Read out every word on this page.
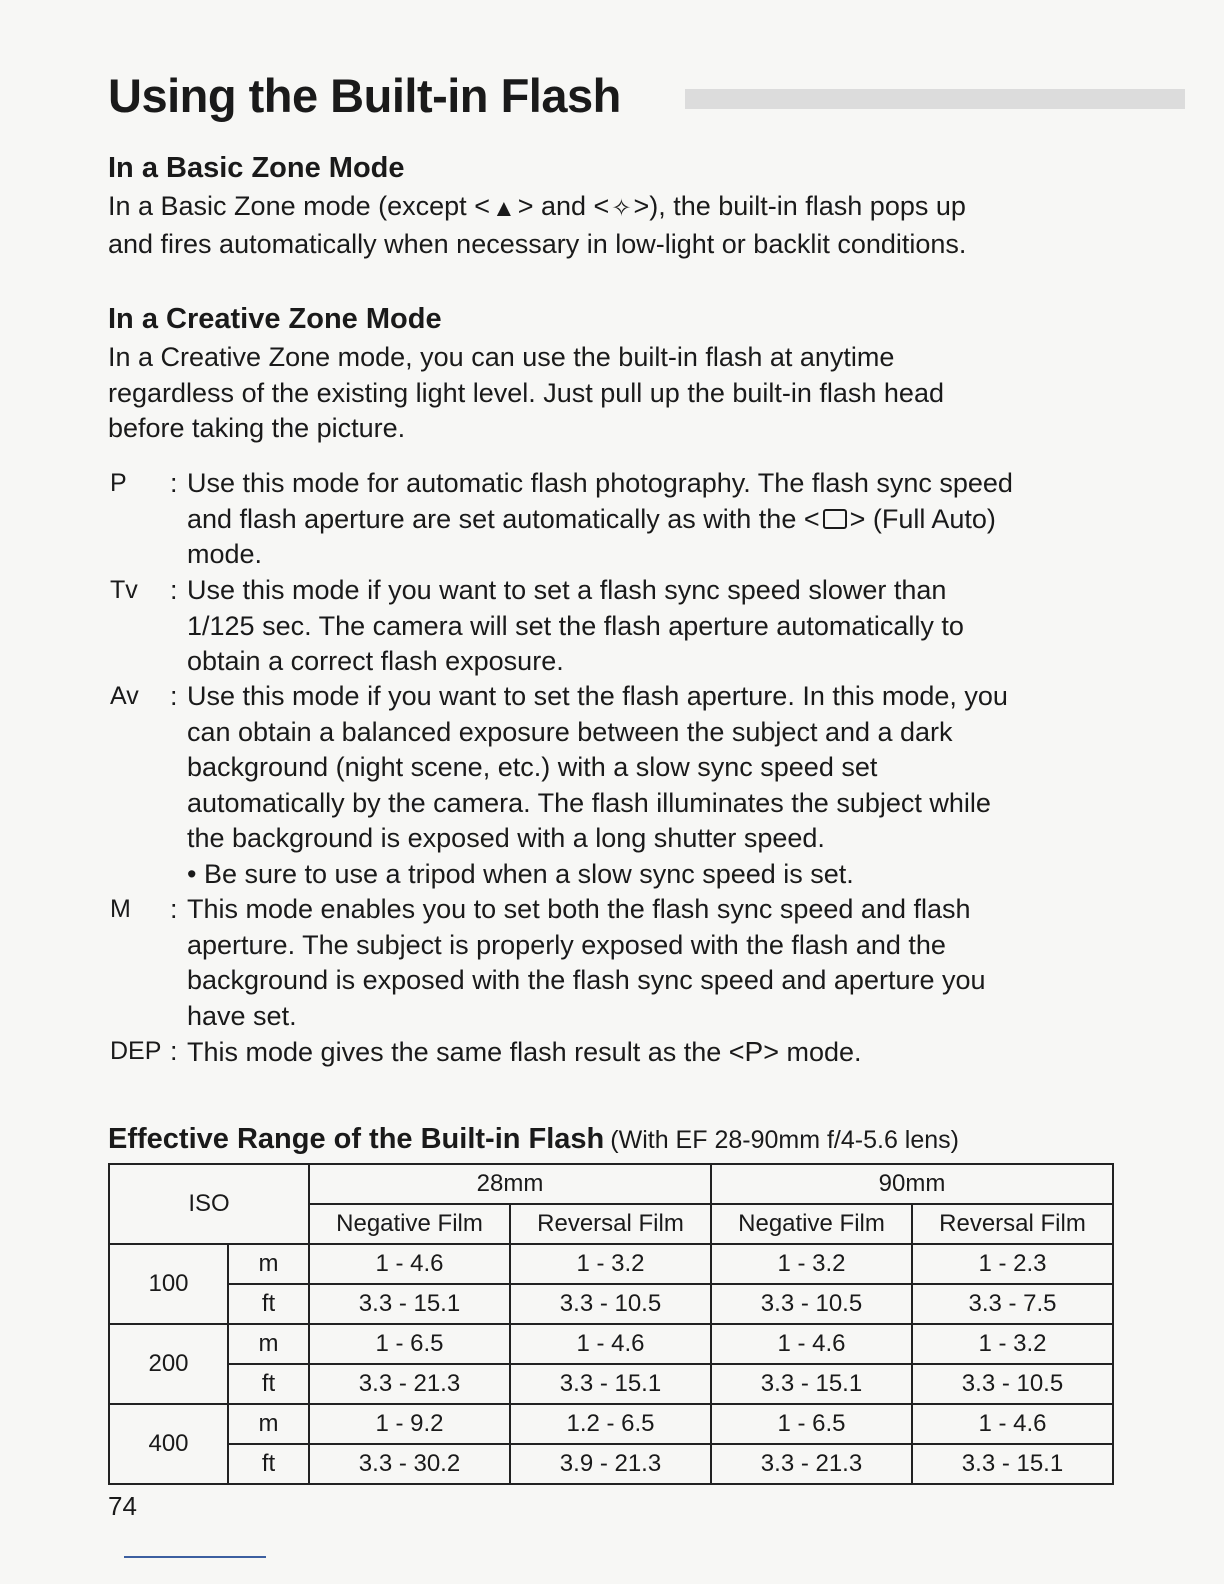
Using the Built-in Flash
In a Basic Zone Mode
In a Basic Zone mode (except <▲> and <✧>), the built-in flash pops up
and fires automatically when necessary in low-light or backlit conditions.
In a Creative Zone Mode
In a Creative Zone mode, you can use the built-in flash at anytime
regardless of the existing light level. Just pull up the built-in flash head
before taking the picture.
P : Use this mode for automatic flash photography. The flash sync speed
and flash aperture are set automatically as with the < > (Full Auto)
mode.
Tv : Use this mode if you want to set a flash sync speed slower than
1/125 sec. The camera will set the flash aperture automatically to
obtain a correct flash exposure.
Av : Use this mode if you want to set the flash aperture. In this mode, you
can obtain a balanced exposure between the subject and a dark
background (night scene, etc.) with a slow sync speed set
automatically by the camera. The flash illuminates the subject while
the background is exposed with a long shutter speed.
• Be sure to use a tripod when a slow sync speed is set.
M : This mode enables you to set both the flash sync speed and flash
aperture. The subject is properly exposed with the flash and the
background is exposed with the flash sync speed and aperture you
have set.
DEP : This mode gives the same flash result as the <P> mode.
Effective Range of the Built-in Flash (With EF 28-90mm f/4-5.6 lens)
ISO		28mm		90mm	
		Negative Film	Reversal Film	Negative Film	Reversal Film
100	m	1 - 4.6	1 - 3.2	1 - 3.2	1 - 2.3
	ft	3.3 - 15.1	3.3 - 10.5	3.3 - 10.5	3.3 - 7.5
200	m	1 - 6.5	1 - 4.6	1 - 4.6	1 - 3.2
	ft	3.3 - 21.3	3.3 - 15.1	3.3 - 15.1	3.3 - 10.5
400	m	1 - 9.2	1.2 - 6.5	1 - 6.5	1 - 4.6
	ft	3.3 - 30.2	3.9 - 21.3	3.3 - 21.3	3.3 - 15.1
74
